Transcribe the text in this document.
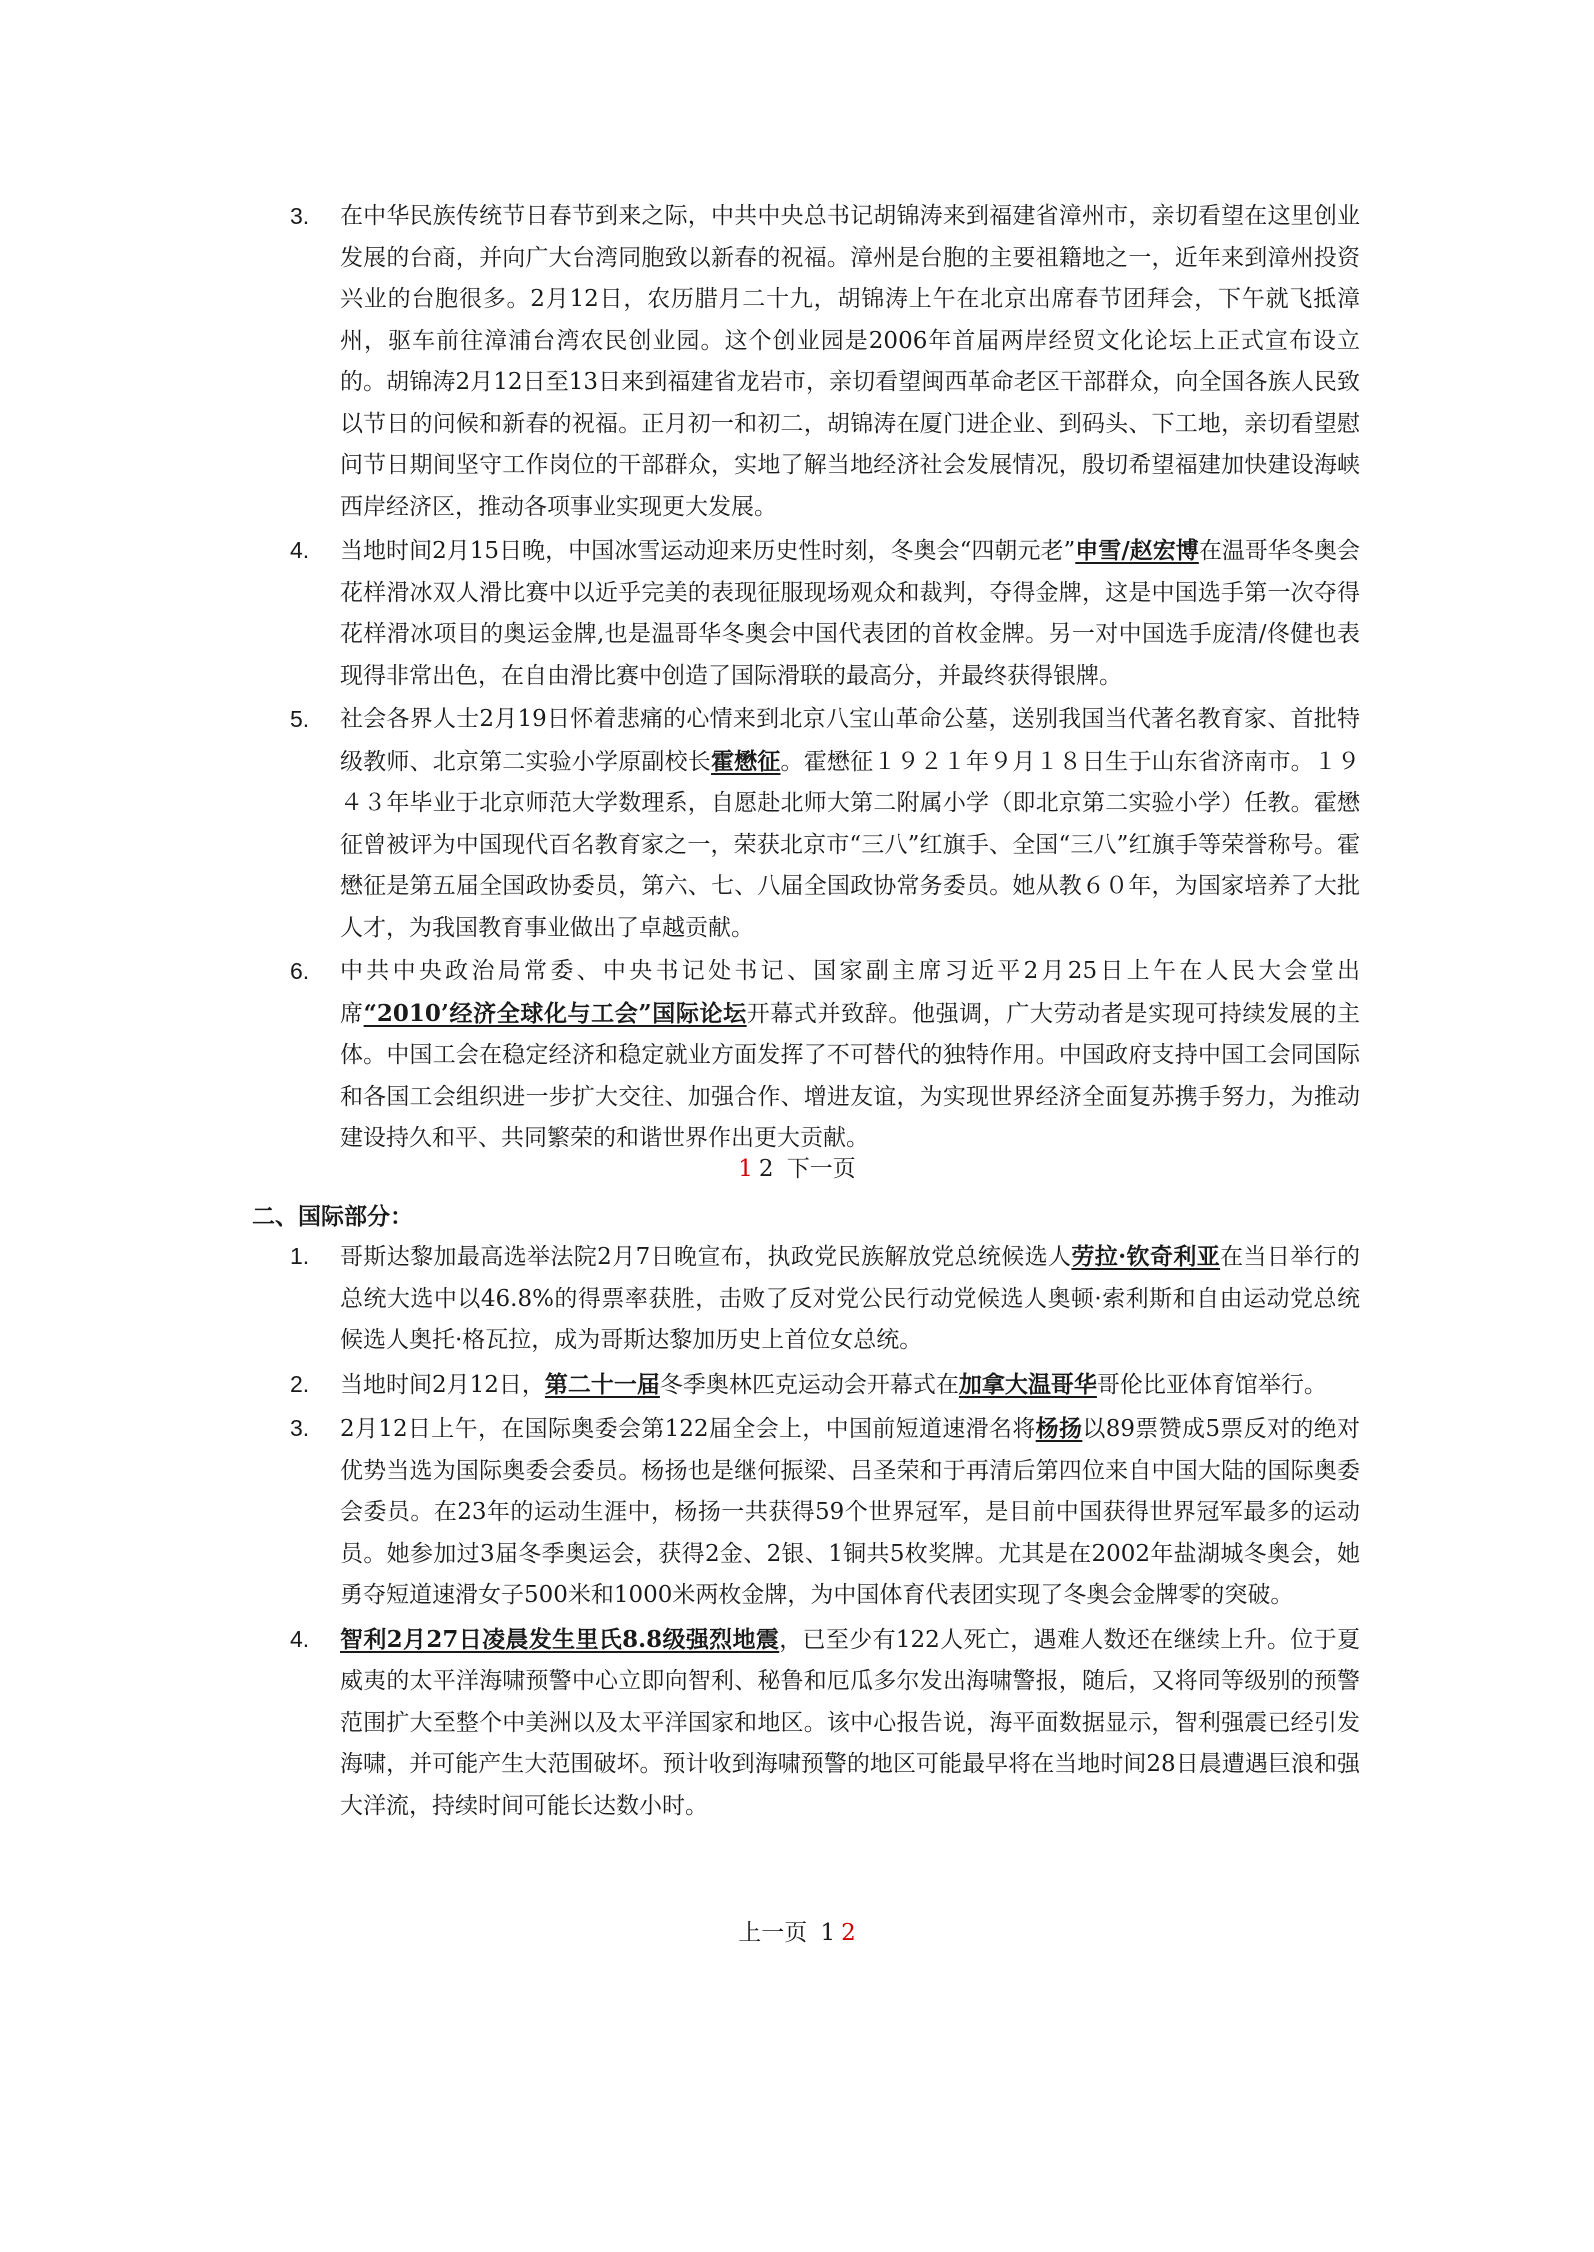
3. 在中华民族传统节日春节到来之际，中共中央总书记胡锦涛来到福建省漳州市，亲切看望在这里创业发展的台商，并向广大台湾同胞致以新春的祝福。漳州是台胞的主要祖籍地之一，近年来到漳州投资兴业的台胞很多。2月12日，农历腊月二十九，胡锦涛上午在北京出席春节团拜会，下午就飞抵漳州，驱车前往漳浦台湾农民创业园。这个创业园是2006年首届两岸经贸文化论坛上正式宣布设立的。胡锦涛2月12日至13日来到福建省龙岩市，亲切看望闽西革命老区干部群众，向全国各族人民致以节日的问候和新春的祝福。正月初一和初二，胡锦涛在厦门进企业、到码头、下工地，亲切看望慰问节日期间坚守工作岗位的干部群众，实地了解当地经济社会发展情况，殷切希望福建加快建设海峡西岸经济区，推动各项事业实现更大发展。
4. 当地时间2月15日晚，中国冰雪运动迎来历史性时刻，冬奥会“四朝元老”申雪/赵宏博在温哥华冬奥会花样滑冰双人滑比赛中以近乎完美的表现征服现场观众和裁判，夺得金牌，这是中国选手第一次夺得花样滑冰项目的奥运金牌,也是温哥华冬奥会中国代表团的首枚金牌。另一对中国选手庞清/佟健也表现得非常出色，在自由滑比赛中创造了国际滑联的最高分，并最终获得银牌。
5. 社会各界人士2月19日怀着悲痛的心情来到北京八宝山革命公墓，送别我国当代著名教育家、首批特级教师、北京第二实验小学原副校长霍懋征。霍懋征１９２１年９月１８日生于山东省济南市。１９４３年毕业于北京师范大学数理系，自愿赴北师大第二附属小学（即北京第二实验小学）任教。霍懋征曾被评为中国现代百名教育家之一，荣获北京市“三八”红旗手、全国“三八”红旗手等荣誉称号。霍懋征是第五届全国政协委员，第六、七、八届全国政协常务委员。她从教６０年，为国家培养了大批人才，为我国教育事业做出了卓越贡献。
6. 中共中央政治局常委、中央书记处书记、国家副主席习近平2月25日上午在人民大会堂出席“2010’经济全球化与工会”国际论坛开幕式并致辞。他强调，广大劳动者是实现可持续发展的主体。中国工会在稳定经济和稳定就业方面发挥了不可替代的独特作用。中国政府支持中国工会同国际和各国工会组织进一步扩大交往、加强合作、增进友谊，为实现世界经济全面复苏携手努力，为推动建设持久和平、共同繁荣的和谐世界作出更大贡献。
1 2 下一页
二、国际部分：
1. 哥斯达黎加最高选举法院2月7日晚宣布，执政党民族解放党总统候选人劳拉·钦奇利亚在当日举行的总统大选中以46.8%的得票率获胜，击败了反对党公民行动党候选人奥顿·索利斯和自由运动党总统候选人奥托·格瓦拉，成为哥斯达黎加历史上首位女总统。
2. 当地时间2月12日，第二十一届冬季奥林匹克运动会开幕式在加拿大温哥华哥伦比亚体育馆举行。
3. 2月12日上午，在国际奥委会第122届全会上，中国前短道速滑名将杨扬以89票赞成5票反对的绝对优势当选为国际奥委会委员。杨扬也是继何振梁、吕圣荣和于再清后第四位来自中国大陆的国际奥委会委员。在23年的运动生涯中，杨扬一共获得59个世界冠军，是目前中国获得世界冠军最多的运动员。她参加过3届冬季奥运会，获得2金、2银、1铜共5枚奖牌。尤其是在2002年盐湖城冬奥会，她勇夺短道速滑女子500米和1000米两枚金牌，为中国体育代表团实现了冬奥会金牌零的突破。
4. 智利2月27日凌晨发生里氏8.8级强烈地震，已至少有122人死亡，遇难人数还在继续上升。位于夏威夷的太平洋海啸预警中心立即向智利、秘鲁和厄瓜多尔发出海啸警报，随后，又将同等级别的预警范围扩大至整个中美洲以及太平洋国家和地区。该中心报告说，海平面数据显示，智利强震已经引发海啸，并可能产生大范围破坏。预计收到海啸预警的地区可能最早将在当地时间28日晨遭遇巨浪和强大洋流，持续时间可能长达数小时。
上一页 1 2
